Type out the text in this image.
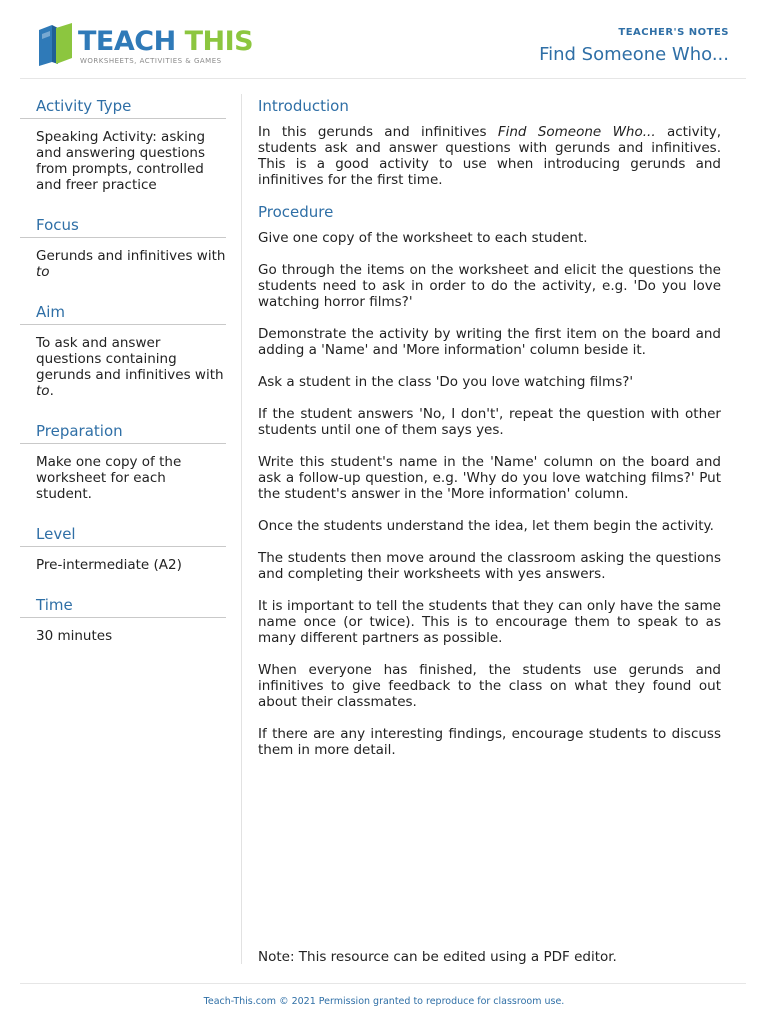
TEACH THIS
WORKSHEETS, ACTIVITIES & GAMES
TEACHER'S NOTES
Find Someone Who...
Activity Type
Speaking Activity: asking and answering questions from prompts, controlled and freer practice
Focus
Gerunds and infinitives with to
Aim
To ask and answer questions containing gerunds and infinitives with to.
Preparation
Make one copy of the worksheet for each student.
Level
Pre-intermediate (A2)
Time
30 minutes
Introduction

In this gerunds and infinitives Find Someone Who... activity, students ask and answer questions with gerunds and infinitives. This is a good activity to use when introducing gerunds and infinitives for the first time.

Procedure

Give one copy of the worksheet to each student.

Go through the items on the worksheet and elicit the questions the students need to ask in order to do the activity, e.g. 'Do you love watching horror films?'

Demonstrate the activity by writing the first item on the board and adding a 'Name' and 'More information' column beside it.

Ask a student in the class 'Do you love watching films?'

If the student answers 'No, I don't', repeat the question with other students until one of them says yes.

Write this student's name in the 'Name' column on the board and ask a follow-up question, e.g. 'Why do you love watching films?' Put the student's answer in the 'More information' column.

Once the students understand the idea, let them begin the activity.

The students then move around the classroom asking the questions and completing their worksheets with yes answers.

It is important to tell the students that they can only have the same name once (or twice). This is to encourage them to speak to as many different partners as possible.

When everyone has finished, the students use gerunds and infinitives to give feedback to the class on what they found out about their classmates.

If there are any interesting findings, encourage students to discuss them in more detail.

Note: This resource can be edited using a PDF editor.
Teach-This.com © 2021 Permission granted to reproduce for classroom use.
